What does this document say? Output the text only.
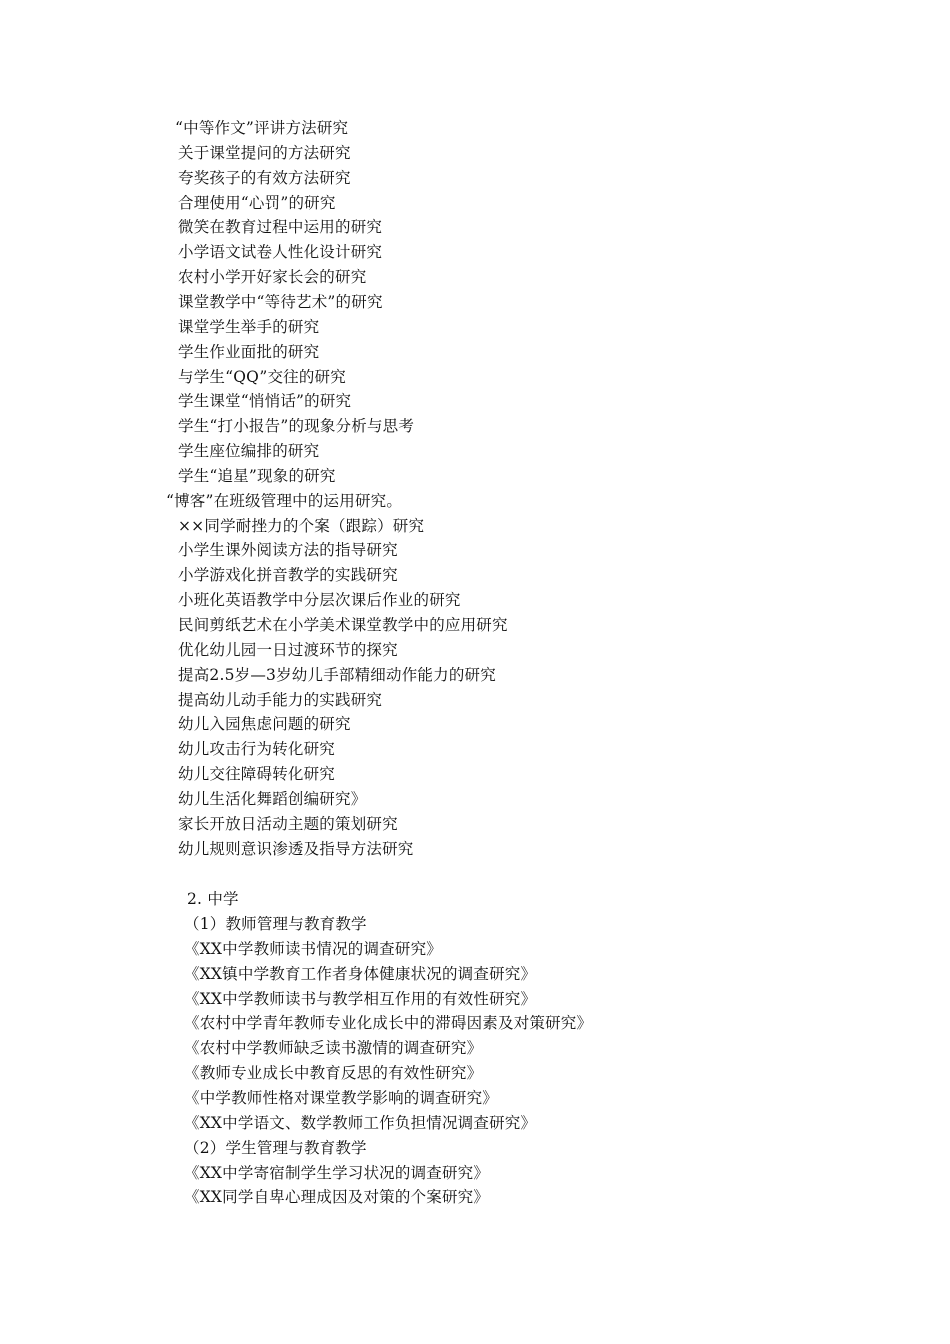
“中等作文”评讲方法研究
关于课堂提问的方法研究
夸奖孩子的有效方法研究
合理使用“心罚”的研究
微笑在教育过程中运用的研究
小学语文试卷人性化设计研究
农村小学开好家长会的研究
课堂教学中“等待艺术”的研究
课堂学生举手的研究
学生作业面批的研究
与学生“QQ”交往的研究
学生课堂“悄悄话”的研究
学生“打小报告”的现象分析与思考
学生座位编排的研究
学生“追星”现象的研究
“博客”在班级管理中的运用研究。
××同学耐挫力的个案（跟踪）研究
小学生课外阅读方法的指导研究
小学游戏化拼音教学的实践研究
小班化英语教学中分层次课后作业的研究
民间剪纸艺术在小学美术课堂教学中的应用研究
优化幼儿园一日过渡环节的探究
提高2.5岁—3岁幼儿手部精细动作能力的研究
提高幼儿动手能力的实践研究
幼儿入园焦虑问题的研究
幼儿攻击行为转化研究
幼儿交往障碍转化研究
幼儿生活化舞蹈创编研究》
家长开放日活动主题的策划研究
幼儿规则意识渗透及指导方法研究
2. 中学
（1）教师管理与教育教学
《XX中学教师读书情况的调查研究》
《XX镇中学教育工作者身体健康状况的调查研究》
《XX中学教师读书与教学相互作用的有效性研究》
《农村中学青年教师专业化成长中的滞碍因素及对策研究》
《农村中学教师缺乏读书激情的调查研究》
《教师专业成长中教育反思的有效性研究》
《中学教师性格对课堂教学影响的调查研究》
《XX中学语文、数学教师工作负担情况调查研究》
（2）学生管理与教育教学
《XX中学寄宿制学生学习状况的调查研究》
《XX同学自卑心理成因及对策的个案研究》
